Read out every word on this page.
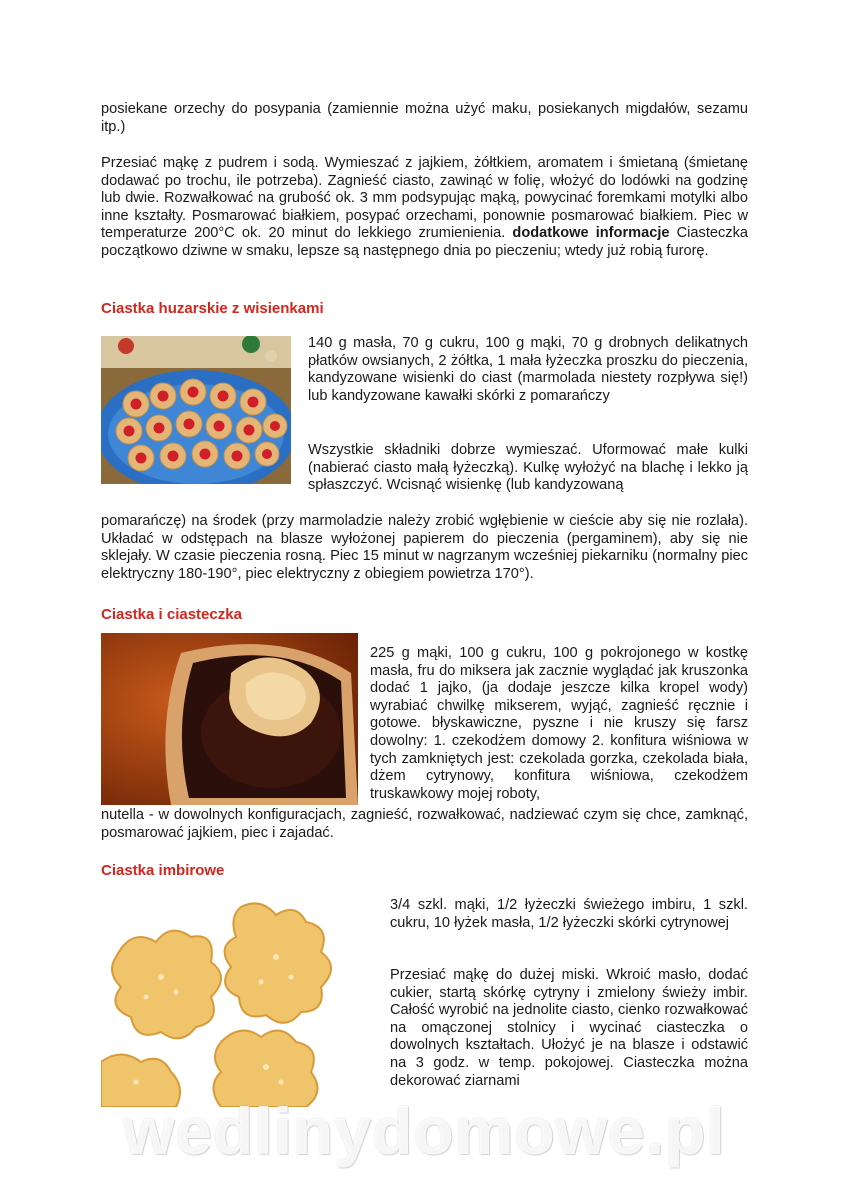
posiekane orzechy do posypania (zamiennie można użyć maku, posiekanych migdałów, sezamu itp.)
Przesiać mąkę z pudrem i sodą. Wymieszać z jajkiem, żółtkiem, aromatem i śmietaną (śmietanę dodawać po trochu, ile potrzeba). Zagnieść ciasto, zawinąć w folię, włożyć do lodówki na godzinę lub dwie. Rozwałkować na grubość ok. 3 mm podsypując mąką, powycinać foremkami motylki albo inne kształty. Posmarować białkiem, posypać orzechami, ponownie posmarować białkiem. Piec w temperaturze 200°C ok. 20 minut do lekkiego zrumienienia. dodatkowe informacje Ciasteczka początkowo dziwne w smaku, lepsze są następnego dnia po pieczeniu; wtedy już robią furorę.
Ciastka huzarskie z wisienkami
140 g masła, 70 g cukru, 100 g mąki, 70 g drobnych delikatnych płatków owsianych, 2 żółtka, 1 mała łyżeczka proszku do pieczenia, kandyzowane wisienki do ciast (marmolada niestety rozpływa się!) lub kandyzowane kawałki skórki z pomarańczy
Wszystkie składniki dobrze wymieszać. Uformować małe kulki (nabierać ciasto małą łyżeczką). Kulkę wyłożyć na blachę i lekko ją spłaszczyć. Wcisnąć wisienkę (lub kandyzowaną
pomarańczę) na środek (przy marmoladzie należy zrobić wgłębienie w cieście aby się nie rozlała). Układać w odstępach na blasze wyłożonej papierem do pieczenia (pergaminem), aby się nie sklejały. W czasie pieczenia rosną. Piec 15 minut w nagrzanym wcześniej piekarniku (normalny piec elektryczny 180-190°, piec elektryczny z obiegiem powietrza 170°).
Ciastka i ciasteczka
225 g mąki, 100 g cukru, 100 g pokrojonego w kostkę masła, fru do miksera jak zacznie wyglądać jak kruszonka dodać 1 jajko, (ja dodaje jeszcze kilka kropel wody) wyrabiać chwilkę mikserem, wyjąć, zagnieść ręcznie i gotowe. błyskawiczne, pyszne i nie kruszy się farsz dowolny: 1. czekodżem domowy 2. konfitura wiśniowa w tych zamkniętych jest: czekolada gorzka, czekolada biała, dżem cytrynowy, konfitura wiśniowa, czekodżem truskawkowy mojej roboty,
nutella - w dowolnych konfiguracjach, zagnieść, rozwałkować, nadziewać czym się chce, zamknąć, posmarować jajkiem, piec i zajadać.
Ciastka imbirowe
3/4 szkl. mąki, 1/2 łyżeczki świeżego imbiru, 1 szkl. cukru, 10 łyżek masła, 1/2 łyżeczki skórki cytrynowej
Przesiać mąkę do dużej miski. Wkroić masło, dodać cukier, startą skórkę cytryny i zmielony świeży imbir. Całość wyrobić na jednolite ciasto, cienko rozwałkować na omączonej stolnicy i wycinać ciasteczka o dowolnych kształtach. Ułożyć je na blasze i odstawić na 3 godz. w temp. pokojowej. Ciasteczka można dekorować ziarnami
wedlinydomowe.pl
